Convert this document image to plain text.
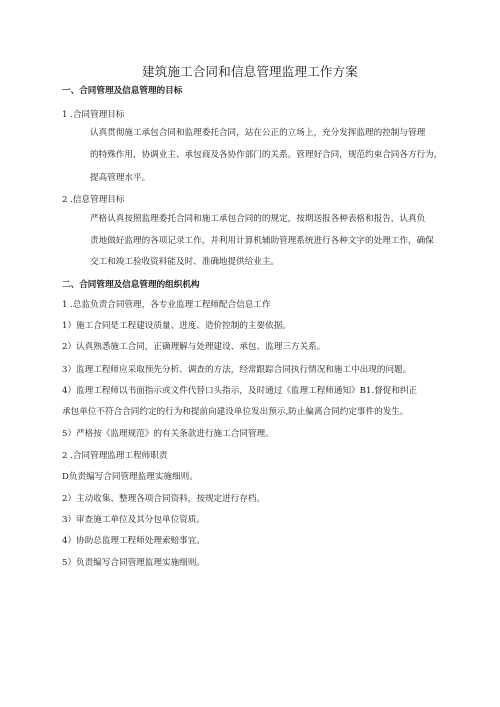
建筑施工合同和信息管理监理工作方案
一、合同管理及信息管理的目标
1 .合同管理目标
认真贯彻施工承包合同和监理委托合同，站在公正的立场上，充分发挥监理的控制与管理
的特殊作用，协调业主、承包商及各协作部门的关系。管理好合同，规范约束合同各方行为，
提高管理水平。
2 .信息管理目标
严格认真按照监理委托合同和施工承包合同的的规定，按期送报各种表格和报告，认真负
责地做好监理的各项记录工作，并利用计算机辅助管理系统进行各种文字的处理工作，确保
交工和竣工验收资料能及时、准确地提供给业主。
二、合同管理及信息管理的组织机构
1 .总监负责合同管理，各专业监理工程师配合信息工作
1）施工合同是工程建设质量、进度、造价控制的主要依据。
2）认真熟悉施工合同，正确理解与处理建设、承包、监理三方关系。
3）监理工程师应采取预先分析、调查的方法，经常跟踪合同执行情况和施工中出现的问题。
4）监理工程师以书面指示或文件代替口头指示，及时通过《监理工程师通知》B1.督促和纠正
承包单位不符合合同约定的行为和提前向建设单位发出预示,防止偏离合同约定事件的发生。
5）严格按《监理规范》的有关条款进行施工合同管理。
2 .合同管理监理工程师职责
D负责编写合同管理监理实施细则。
2）主动收集、整理各项合同资料，按规定进行存档。
3）审查施工单位及其分包单位资质。
4）协助总监理工程师处理索赔事宜。
5）负责编写合同管理监理实施细则。
